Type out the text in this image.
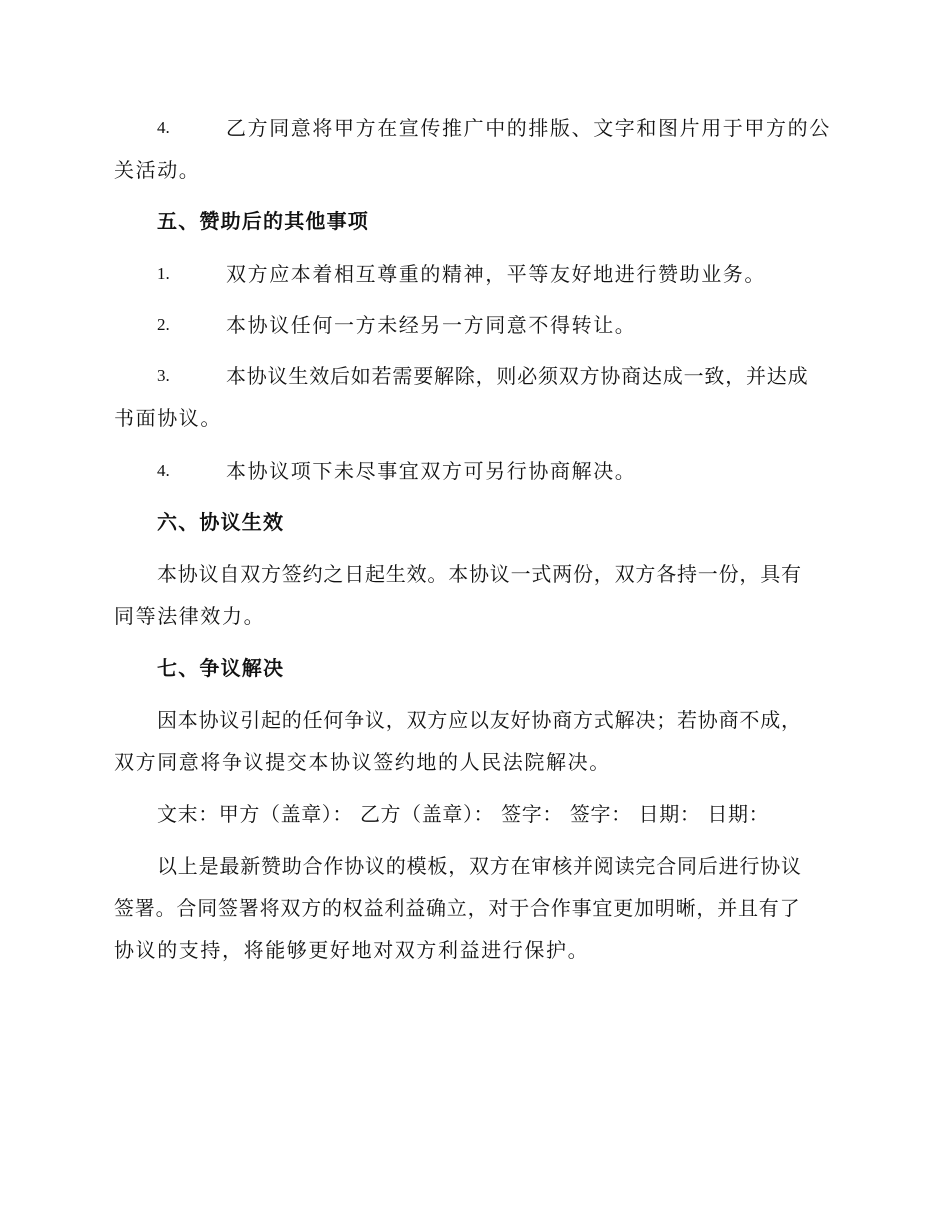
4.	乙方同意将甲方在宣传推广中的排版、文字和图片用于甲方的公
关活动。
五、赞助后的其他事项
1.	双方应本着相互尊重的精神，平等友好地进行赞助业务。
2.	本协议任何一方未经另一方同意不得转让。
3.	本协议生效后如若需要解除，则必须双方协商达成一致，并达成
书面协议。
4.	本协议项下未尽事宜双方可另行协商解决。
六、协议生效
本协议自双方签约之日起生效。本协议一式两份，双方各持一份，具有
同等法律效力。
七、争议解决
因本协议引起的任何争议，双方应以友好协商方式解决；若协商不成，
双方同意将争议提交本协议签约地的人民法院解决。
文末：甲方（盖章）： 乙方（盖章）： 签字： 签字： 日期： 日期：
以上是最新赞助合作协议的模板，双方在审核并阅读完合同后进行协议
签署。合同签署将双方的权益利益确立，对于合作事宜更加明晰，并且有了
协议的支持，将能够更好地对双方利益进行保护。
